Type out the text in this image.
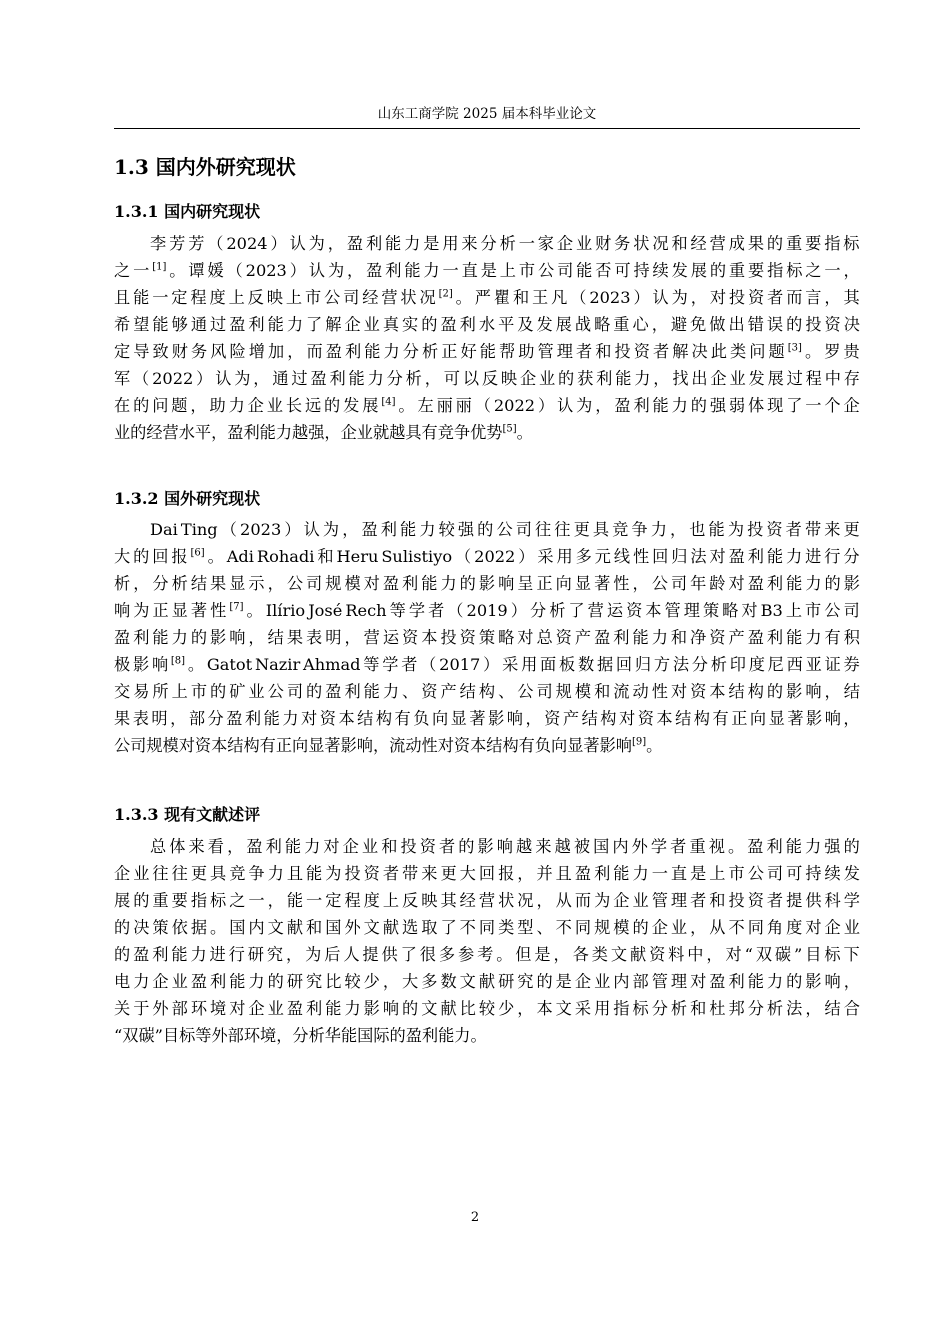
山东工商学院 2025 届本科毕业论文
1.3 国内外研究现状
1.3.1 国内研究现状
李 芳 芳 （ 2024 ） 认 为 ， 盈 利 能 力 是 用 来 分 析 一 家 企 业 财 务 状 况 和 经 营 成 果 的 重 要 指 标
之 一 [1] 。 谭 媛 （ 2023 ） 认 为 ， 盈 利 能 力 一 直 是 上 市 公 司 能 否 可 持 续 发 展 的 重 要 指 标 之 一 ，
且 能 一 定 程 度 上 反 映 上 市 公 司 经 营 状 况 [2] 。 严 瞿 和 王 凡 （ 2023 ） 认 为 ， 对 投 资 者 而 言 ， 其
希 望 能 够 通 过 盈 利 能 力 了 解 企 业 真 实 的 盈 利 水 平 及 发 展 战 略 重 心 ， 避 免 做 出 错 误 的 投 资 决
定 导 致 财 务 风 险 增 加 ， 而 盈 利 能 力 分 析 正 好 能 帮 助 管 理 者 和 投 资 者 解 决 此 类 问 题 [3] 。 罗 贵
军 （ 2022 ） 认 为 ， 通 过 盈 利 能 力 分 析 ， 可 以 反 映 企 业 的 获 利 能 力 ， 找 出 企 业 发 展 过 程 中 存
在 的 问 题 ， 助 力 企 业 长 远 的 发 展 [4] 。 左 丽 丽 （ 2022 ） 认 为 ， 盈 利 能 力 的 强 弱 体 现 了 一 个 企
业的经营水平，盈利能力越强，企业就越具有竞争优势[5]。
1.3.2 国外研究现状
Dai Ting （ 2023 ） 认 为 ， 盈 利 能 力 较 强 的 公 司 往 往 更 具 竞 争 力 ， 也 能 为 投 资 者 带 来 更
大 的 回 报 [6] 。 Adi Rohadi 和 Heru Sulistiyo （ 2022 ） 采 用 多 元 线 性 回 归 法 对 盈 利 能 力 进 行 分
析 ， 分 析 结 果 显 示 ， 公 司 规 模 对 盈 利 能 力 的 影 响 呈 正 向 显 著 性 ， 公 司 年 龄 对 盈 利 能 力 的 影
响 为 正 显 著 性 [7] 。 Ilírio José Rech 等 学 者 （ 2019 ） 分 析 了 营 运 资 本 管 理 策 略 对 B3 上 市 公 司
盈 利 能 力 的 影 响 ， 结 果 表 明 ， 营 运 资 本 投 资 策 略 对 总 资 产 盈 利 能 力 和 净 资 产 盈 利 能 力 有 积
极 影 响 [8] 。 Gatot Nazir Ahmad 等 学 者 （ 2017 ） 采 用 面 板 数 据 回 归 方 法 分 析 印 度 尼 西 亚 证 券
交 易 所 上 市 的 矿 业 公 司 的 盈 利 能 力 、 资 产 结 构 、 公 司 规 模 和 流 动 性 对 资 本 结 构 的 影 响 ， 结
果 表 明 ， 部 分 盈 利 能 力 对 资 本 结 构 有 负 向 显 著 影 响 ， 资 产 结 构 对 资 本 结 构 有 正 向 显 著 影 响 ，
公司规模对资本结构有正向显著影响，流动性对资本结构有负向显著影响[9]。
1.3.3 现有文献述评
总 体 来 看 ， 盈 利 能 力 对 企 业 和 投 资 者 的 影 响 越 来 越 被 国 内 外 学 者 重 视 。 盈 利 能 力 强 的
企 业 往 往 更 具 竞 争 力 且 能 为 投 资 者 带 来 更 大 回 报 ， 并 且 盈 利 能 力 一 直 是 上 市 公 司 可 持 续 发
展 的 重 要 指 标 之 一 ， 能 一 定 程 度 上 反 映 其 经 营 状 况 ， 从 而 为 企 业 管 理 者 和 投 资 者 提 供 科 学
的 决 策 依 据 。 国 内 文 献 和 国 外 文 献 选 取 了 不 同 类 型 、 不 同 规 模 的 企 业 ， 从 不 同 角 度 对 企 业
的 盈 利 能 力 进 行 研 究 ， 为 后 人 提 供 了 很 多 参 考 。 但 是 ， 各 类 文 献 资 料 中 ， 对 “ 双 碳 ” 目 标 下
电 力 企 业 盈 利 能 力 的 研 究 比 较 少 ， 大 多 数 文 献 研 究 的 是 企 业 内 部 管 理 对 盈 利 能 力 的 影 响 ，
关 于 外 部 环 境 对 企 业 盈 利 能 力 影 响 的 文 献 比 较 少 ， 本 文 采 用 指 标 分 析 和 杜 邦 分 析 法 ， 结 合
“双碳”目标等外部环境，分析华能国际的盈利能力。
2
